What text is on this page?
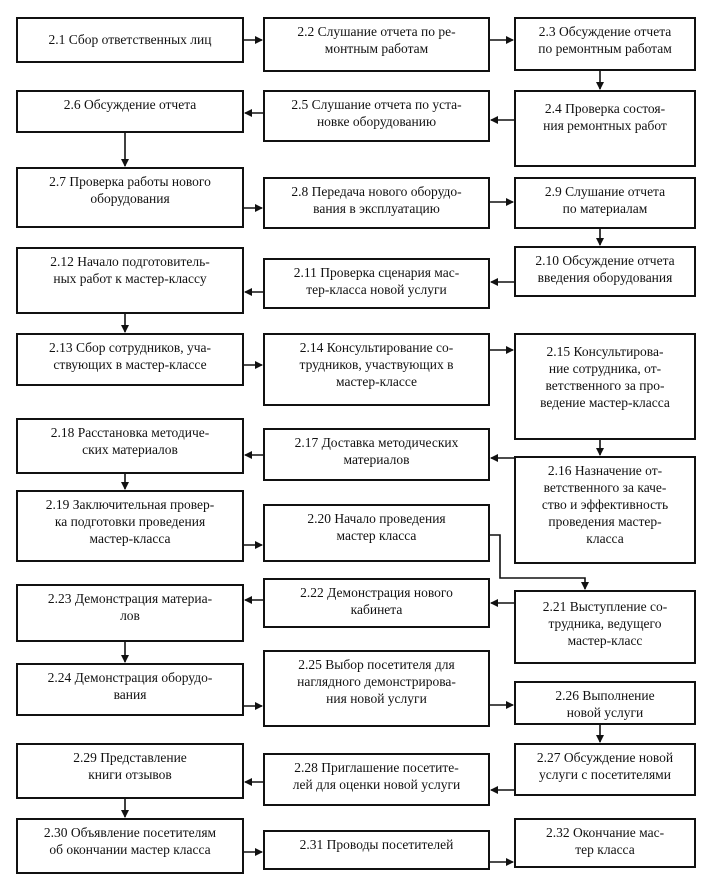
2.1 Сбор ответственных лиц
2.2 Слушание отчета по ре-
монтным работам
2.3 Обсуждение отчета
по ремонтным работам
2.6 Обсуждение отчета	2.5 Слушание отчета по уста-
новке оборудованию
2.4 Проверка состоя-
ния ремонтных работ
2.7 Проверка работы нового
оборудования	2.8 Передача нового оборудо-
вания в эксплуатацию
2.9 Слушание отчета
по материалам
2.12 Начало подготовитель-
ных работ к мастер-классу	2.11 Проверка сценария мас-
тер-класса новой услуги
2.10 Обсуждение отчета
введения оборудования
2.13 Сбор сотрудников, уча-
ствующих в мастер-классе
2.14 Консультирование со-
трудников, участвующих в
мастер-классе
2.15 Консультирова-
ние сотрудника, от-
ветственного за про-
ведение мастер-класса
2.18 Расстановка методиче-
ских материалов	2.17 Доставка методических
материалов
2.16 Назначение от-
ветственного за каче-
ство и эффективность
проведения мастер-
класса
2.19 Заключительная провер-
ка подготовки проведения
мастер-класса
2.20 Начало проведения
мастер класса
2.23 Демонстрация материа-
лов
2.22 Демонстрация нового
кабинета	2.21 Выступление со-
трудника, ведущего
мастер-класс
2.24 Демонстрация оборудо-
вания
2.25 Выбор посетителя для
наглядного демонстрирова-
ния новой услуги	2.26 Выполнение
новой услуги
2.29 Представление
книги отзывов	2.28 Приглашение посетите-
лей для оценки новой услуги
2.27 Обсуждение новой
услуги с посетителями
2.30 Объявление посетителям
об окончании мастер класса	2.31 Проводы посетителей
2.32 Окончание мас-
тер класса
